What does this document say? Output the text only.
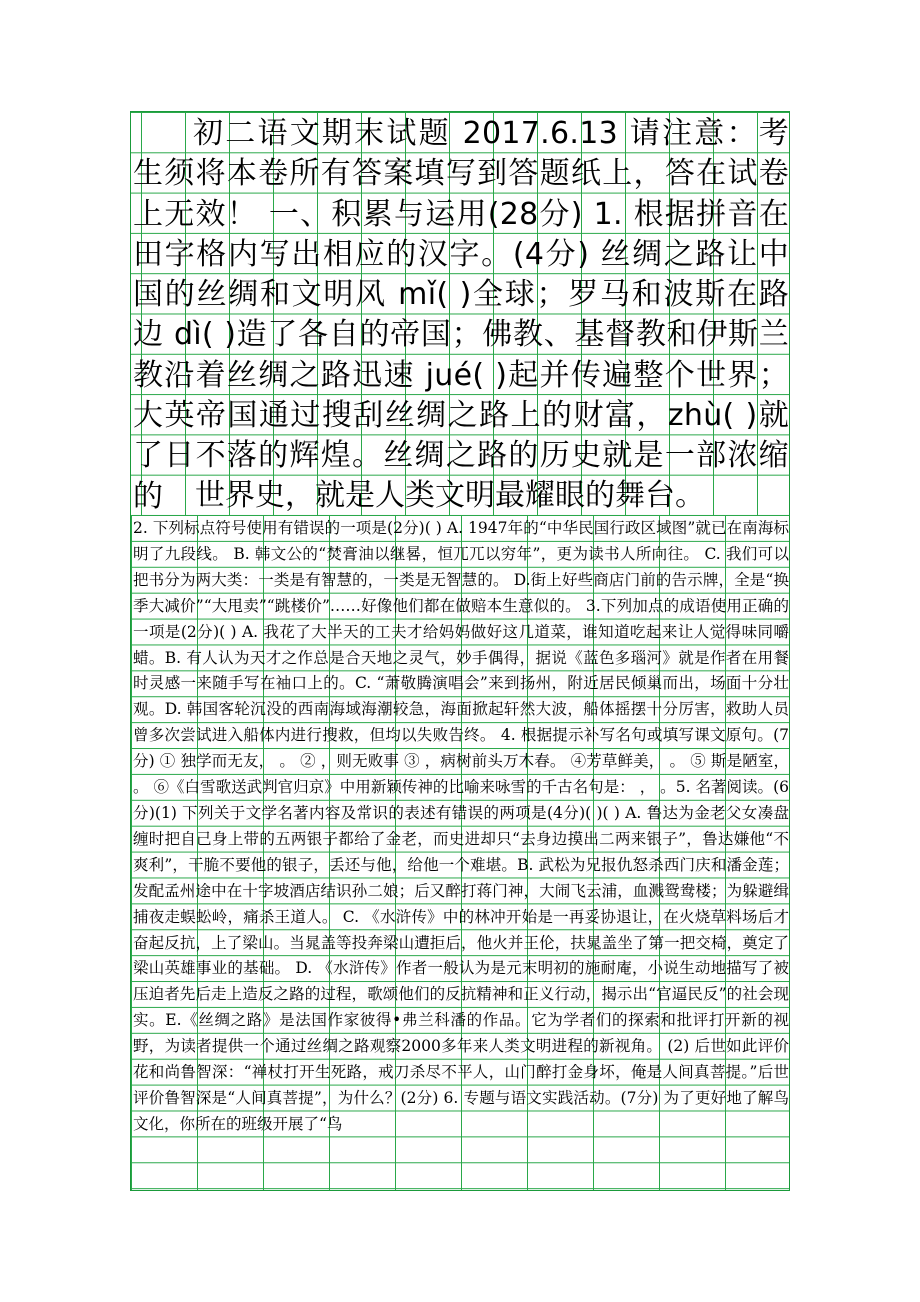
初二语文期末试题 2017.6.13 请注意：考生须将本卷所有答案填写到答题纸上，答在试卷上无效！ 一、积累与运用(28分) 1. 根据拼音在田字格内写出相应的汉字。(4分) 丝绸之路让中国的丝绸和文明风 mǐ( )全球；罗马和波斯在路边 dì( )造了各自的帝国；佛教、基督教和伊斯兰教沿着丝绸之路迅速 jué( )起并传遍整个世界；大英帝国通过搜刮丝绸之路上的财富，zhù( )就了日不落的辉煌。丝绸之路的历史就是一部浓缩的	世界史，就是人类文明最耀眼的舞台。

2. 下列标点符号使用有错误的一项是(2分)( ) A. 1947年的“中华民国行政区域图”就已在南海标明了九段线。 B. 韩文公的“焚膏油以继晷，恒兀兀以穷年”，更为读书人所向往。 C. 我们可以把书分为两大类：一类是有智慧的，一类是无智慧的。 D.街上好些商店门前的告示牌，全是“换季大减价”“大甩卖”“跳楼价”……好像他们都在做赔本生意似的。 3.下列加点的成语使用正确的一项是(2分)( ) A. 我花了大半天的工夫才给妈妈做好这几道菜，谁知道吃起来让人觉得味同嚼蜡。B. 有人认为天才之作总是合天地之灵气，妙手偶得，据说《蓝色多瑙河》就是作者在用餐时灵感一来随手写在袖口上的。C. “萧敬腾演唱会”来到扬州，附近居民倾巢而出，场面十分壮观。D. 韩国客轮沉没的西南海域海潮较急，海面掀起轩然大波，船体摇摆十分厉害，救助人员曾多次尝试进入船体内进行搜救，但均以失败告终。 4. 根据提示补写名句或填写课文原句。(7分) ① 独学而无友， 。 ② ，则无败事 ③ ，病树前头万木春。 ④芳草鲜美， 。 ⑤ 斯是陋室， 。 ⑥《白雪歌送武判官归京》中用新颖传神的比喻来咏雪的千古名句是： ， 。5. 名著阅读。(6分)(1) 下列关于文学名著内容及常识的表述有错误的两项是(4分)( )( ) A. 鲁达为金老父女凑盘缠时把自己身上带的五两银子都给了金老，而史进却只“去身边摸出二两来银子”，鲁达嫌他“不爽利”，干脆不要他的银子，丢还与他，给他一个难堪。B. 武松为兄报仇怒杀西门庆和潘金莲；发配孟州途中在十字坡酒店结识孙二娘；后又醉打蒋门神，大闹飞云浦，血溅鸳鸯楼；为躲避缉捕夜走蜈蚣岭，痛杀王道人。 C. 《水浒传》中的林冲开始是一再妥协退让，在火烧草料场后才奋起反抗，上了梁山。当晁盖等投奔梁山遭拒后，他火并王伦，扶晁盖坐了第一把交椅，奠定了梁山英雄事业的基础。 D. 《水浒传》作者一般认为是元末明初的施耐庵，小说生动地描写了被压迫者先后走上造反之路的过程，歌颂他们的反抗精神和正义行动，揭示出“官逼民反”的社会现实。E.《丝绸之路》是法国作家彼得•弗兰科潘的作品。它为学者们的探索和批评打开新的视野，为读者提供一个通过丝绸之路观察2000多年来人类文明进程的新视角。 (2) 后世如此评价花和尚鲁智深：“禅杖打开生死路，戒刀杀尽不平人，山门醉打金身坏，俺是人间真菩提。”后世评价鲁智深是“人间真菩提”，为什么？(2分) 6. 专题与语文实践活动。(7分) 为了更好地了解鸟文化，你所在的班级开展了“鸟
